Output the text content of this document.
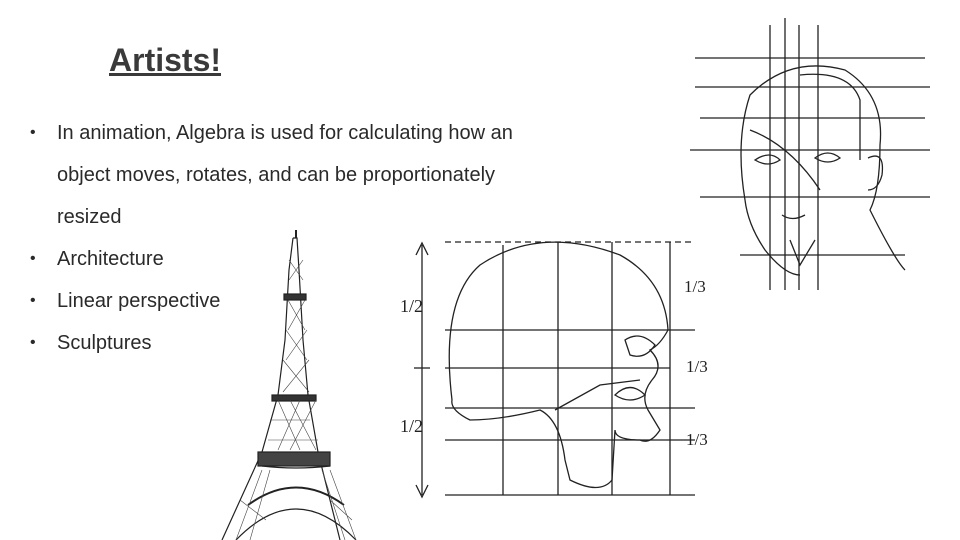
Artists!
• In animation, Algebra is used for calculating how an object moves, rotates, and can be proportionately resized
• Architecture
• Linear perspective
• Sculptures
1/2
1/2
1/3
1/3
1/3
